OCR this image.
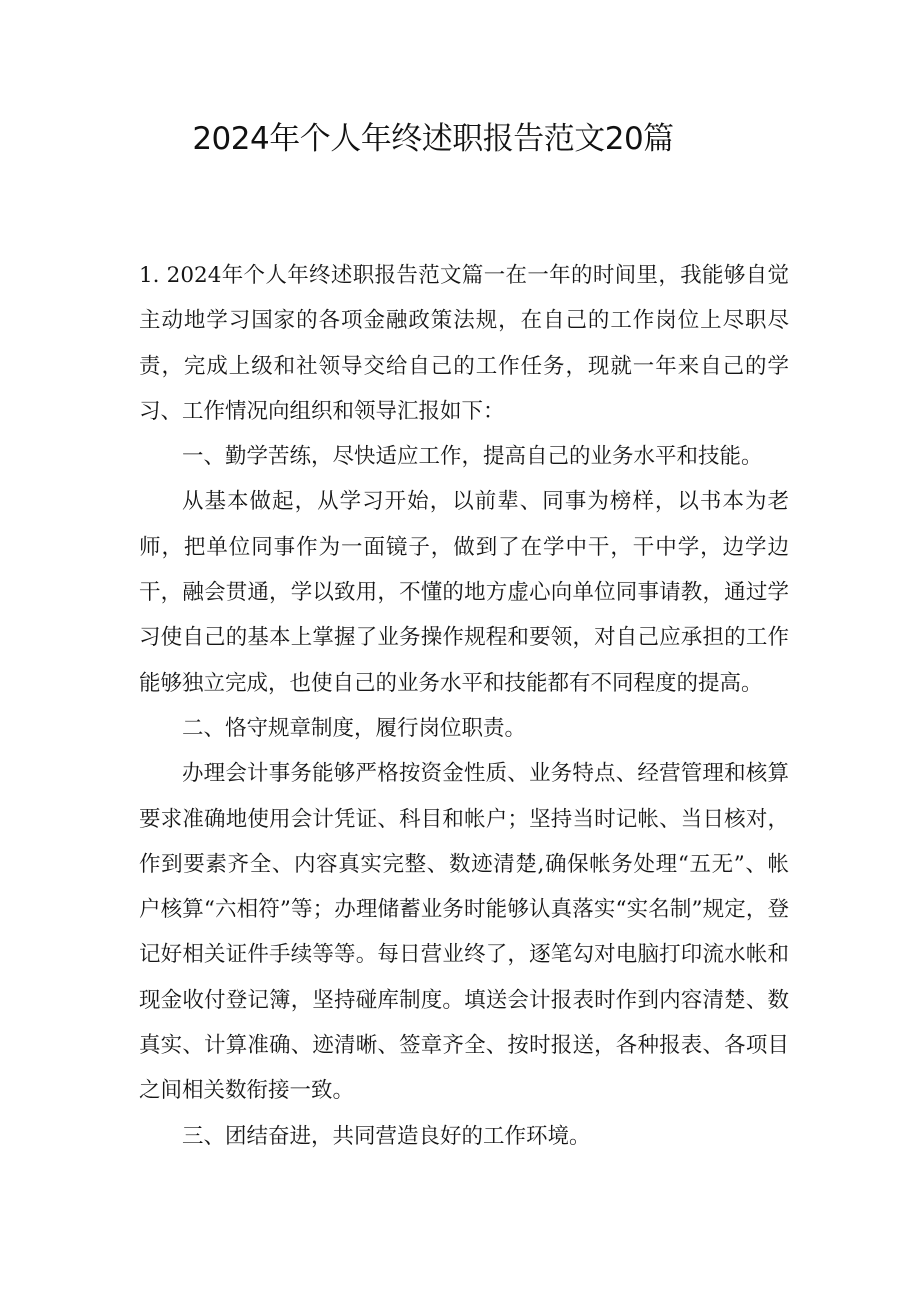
2024年个人年终述职报告范文20篇

1. 2024年个人年终述职报告范文篇一在一年的时间里，我能够自觉主动地学习国家的各项金融政策法规，在自己的工作岗位上尽职尽责，完成上级和社领导交给自己的工作任务，现就一年来自己的学习、工作情况向组织和领导汇报如下：

一、勤学苦练，尽快适应工作，提高自己的业务水平和技能。

从基本做起，从学习开始，以前辈、同事为榜样，以书本为老师，把单位同事作为一面镜子，做到了在学中干，干中学，边学边干，融会贯通，学以致用，不懂的地方虚心向单位同事请教，通过学习使自己的基本上掌握了业务操作规程和要领，对自己应承担的工作能够独立完成，也使自己的业务水平和技能都有不同程度的提高。

二、恪守规章制度，履行岗位职责。

办理会计事务能够严格按资金性质、业务特点、经营管理和核算要求准确地使用会计凭证、科目和帐户；坚持当时记帐、当日核对，作到要素齐全、内容真实完整、数迹清楚,确保帐务处理“五无”、帐户核算“六相符”等；办理储蓄业务时能够认真落实“实名制”规定，登记好相关证件手续等等。每日营业终了，逐笔勾对电脑打印流水帐和现金收付登记簿，坚持碰库制度。填送会计报表时作到内容清楚、数真实、计算准确、迹清晰、签章齐全、按时报送，各种报表、各项目之间相关数衔接一致。

三、团结奋进，共同营造良好的工作环境。
